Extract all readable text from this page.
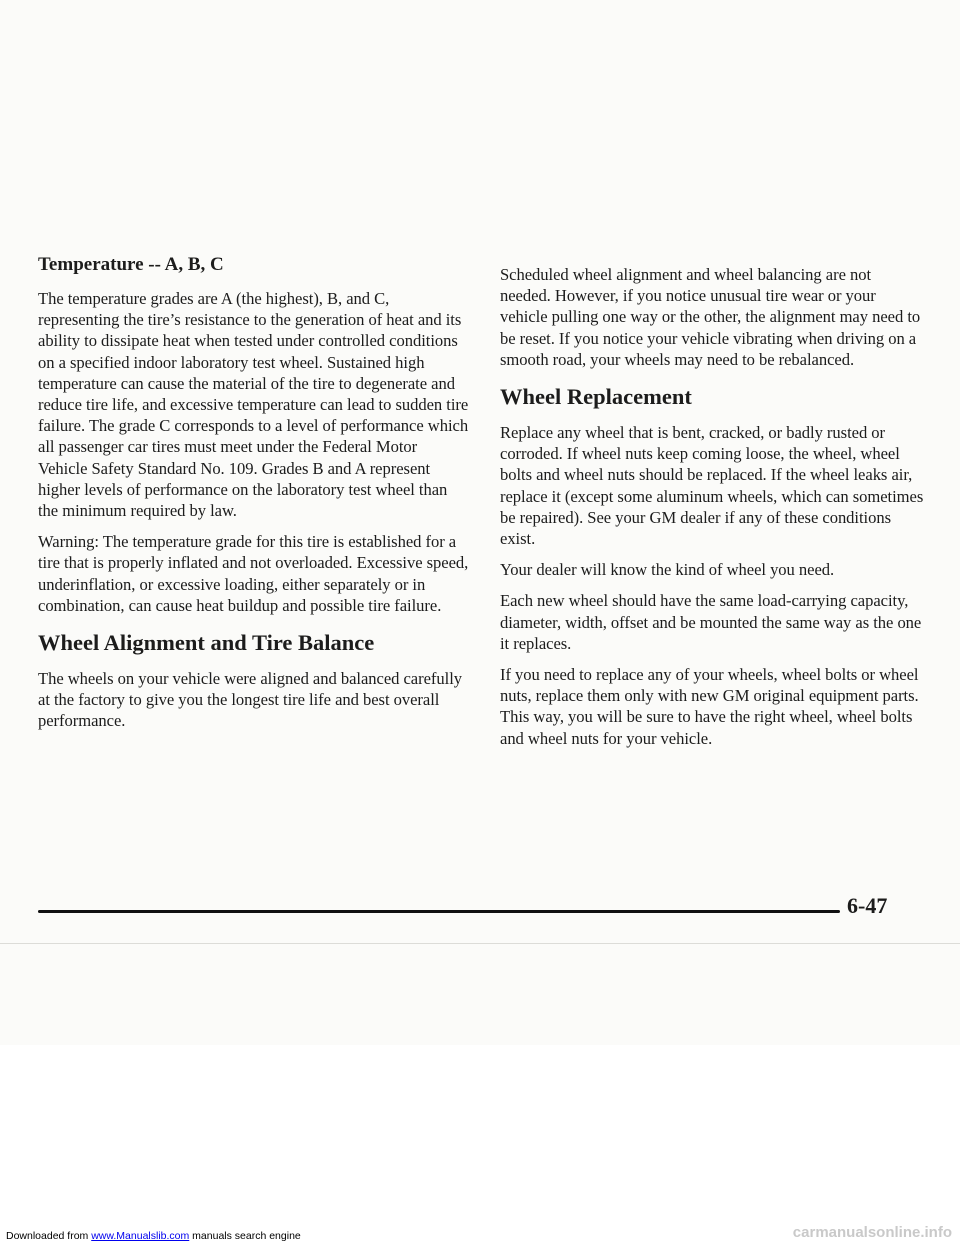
Temperature -- A, B, C

The temperature grades are A (the highest), B, and C, representing the tire’s resistance to the generation of heat and its ability to dissipate heat when tested under controlled conditions on a specified indoor laboratory test wheel. Sustained high temperature can cause the material of the tire to degenerate and reduce tire life, and excessive temperature can lead to sudden tire failure. The grade C corresponds to a level of performance which all passenger car tires must meet under the Federal Motor Vehicle Safety Standard No. 109. Grades B and A represent higher levels of performance on the laboratory test wheel than the minimum required by law.

Warning: The temperature grade for this tire is established for a tire that is properly inflated and not overloaded. Excessive speed, underinflation, or excessive loading, either separately or in combination, can cause heat buildup and possible tire failure.

Wheel Alignment and Tire Balance

The wheels on your vehicle were aligned and balanced carefully at the factory to give you the longest tire life and best overall performance.

Scheduled wheel alignment and wheel balancing are not needed. However, if you notice unusual tire wear or your vehicle pulling one way or the other, the alignment may need to be reset. If you notice your vehicle vibrating when driving on a smooth road, your wheels may need to be rebalanced.

Wheel Replacement

Replace any wheel that is bent, cracked, or badly rusted or corroded. If wheel nuts keep coming loose, the wheel, wheel bolts and wheel nuts should be replaced. If the wheel leaks air, replace it (except some aluminum wheels, which can sometimes be repaired). See your GM dealer if any of these conditions exist.

Your dealer will know the kind of wheel you need.

Each new wheel should have the same load-carrying capacity, diameter, width, offset and be mounted the same way as the one it replaces.

If you need to replace any of your wheels, wheel bolts or wheel nuts, replace them only with new GM original equipment parts. This way, you will be sure to have the right wheel, wheel bolts and wheel nuts for your vehicle.

6-47
Downloaded from www.Manualslib.com manuals search engine	carmanualsonline.info
